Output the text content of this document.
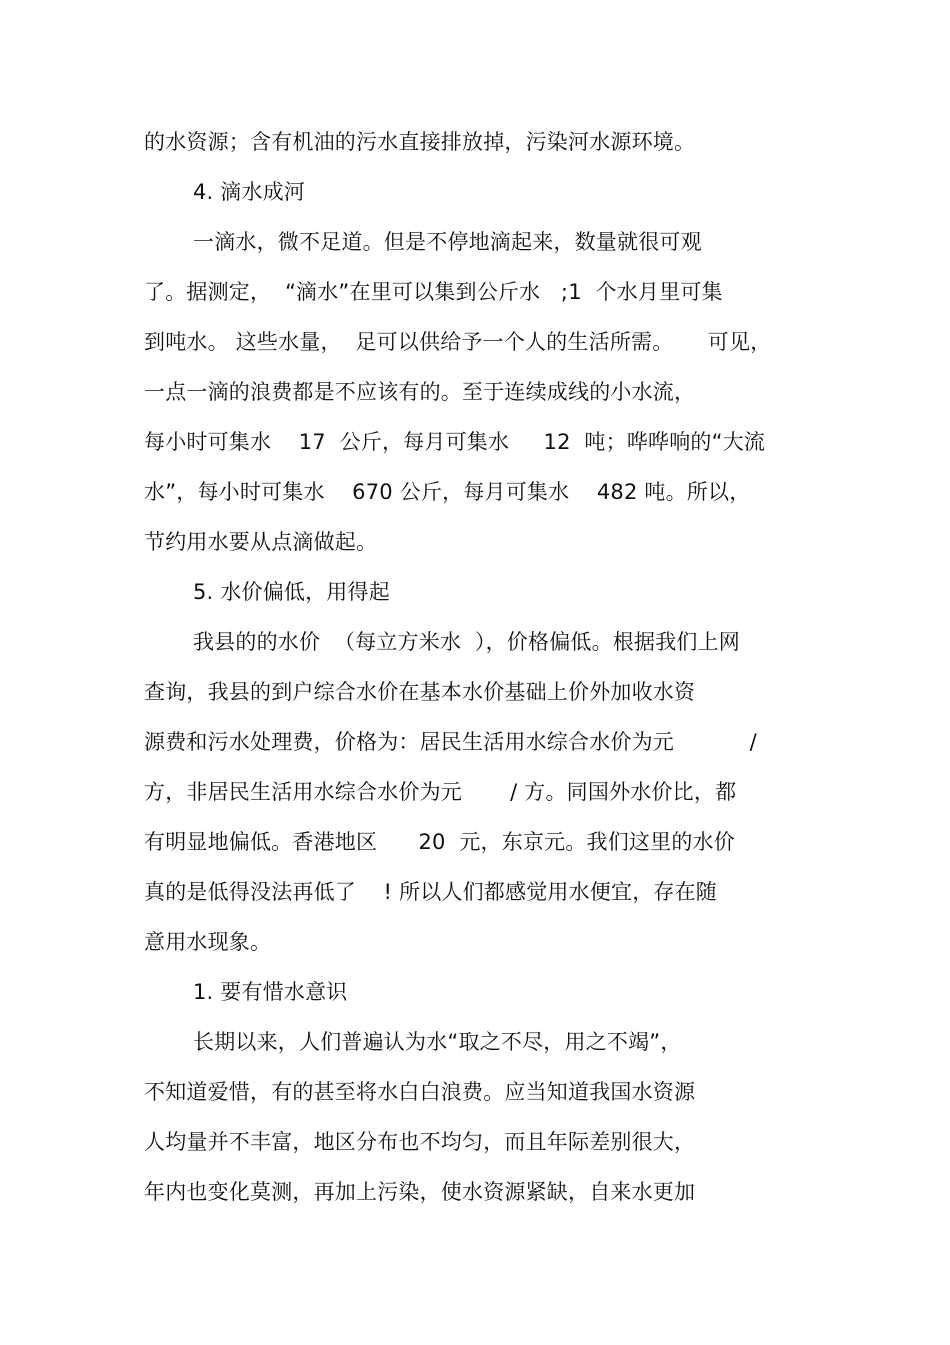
的水资源；含有机油的污水直接排放掉，污染河水源环境。
4. 滴水成河
一滴水，微不足道。但是不停地滴起来，数量就很可观
了。据测定，  “滴水”在里可以集到公斤水   ;1  个水月里可集
到吨水。 这些水量，  足可以供给予一个人的生活所需。     可见，
一点一滴的浪费都是不应该有的。至于连续成线的小水流，
每小时可集水    17  公斤，每月可集水     12  吨；哗哗响的“大流
水”，每小时可集水    670 公斤，每月可集水    482 吨。所以，
节约用水要从点滴做起。
5. 水价偏低，用得起
我县的的水价  （每立方米水  ），价格偏低。根据我们上网
查询，我县的到户综合水价在基本水价基础上价外加收水资
源费和污水处理费，价格为：居民生活用水综合水价为元           /
方，非居民生活用水综合水价为元       / 方。同国外水价比，都
有明显地偏低。香港地区      20  元，东京元。我们这里的水价
真的是低得没法再低了    ! 所以人们都感觉用水便宜，存在随
意用水现象。
1. 要有惜水意识
长期以来，人们普遍认为水“取之不尽，用之不竭”，
不知道爱惜，有的甚至将水白白浪费。应当知道我国水资源
人均量并不丰富，地区分布也不均匀，而且年际差别很大，
年内也变化莫测，再加上污染，使水资源紧缺，自来水更加
